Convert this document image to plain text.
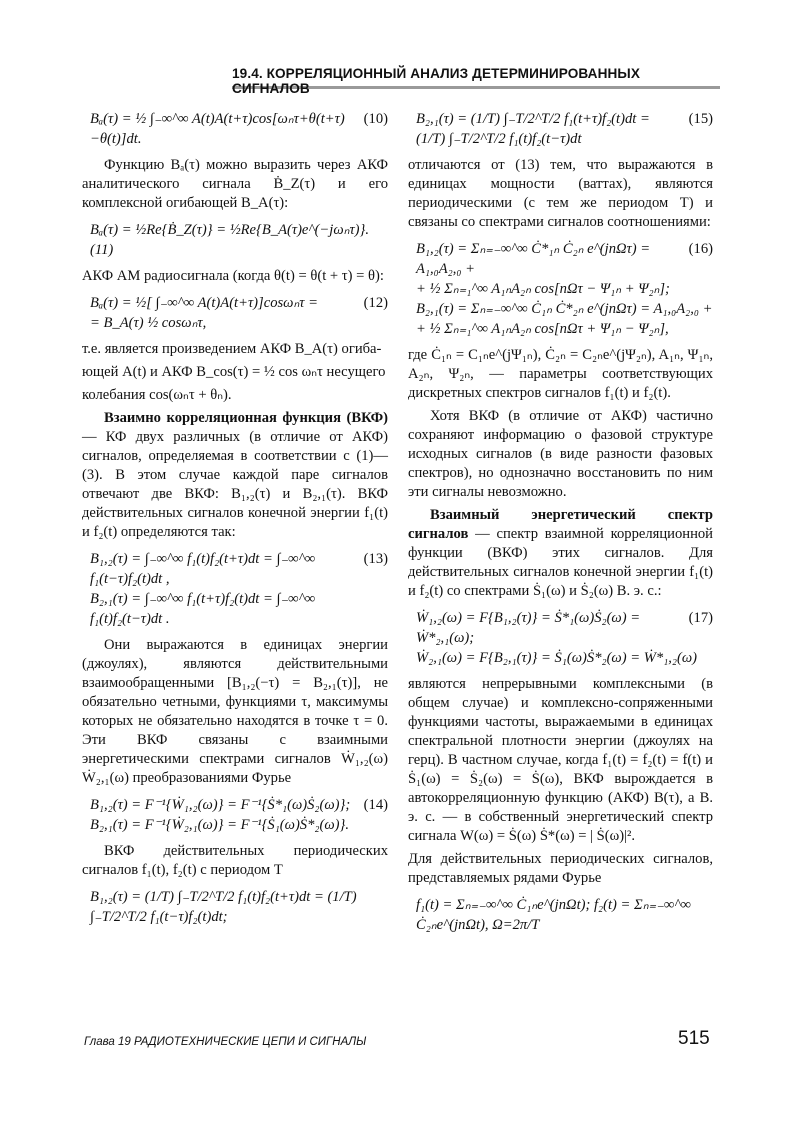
19.4. КОРРЕЛЯЦИОННЫЙ АНАЛИЗ ДЕТЕРМИНИРОВАННЫХ СИГНАЛОВ
(10)
Bₐ(τ) = ½ ∫₋∞^∞ A(t)A(t+τ)cos[ωₙτ+θ(t+τ)−θ(t)]dt.
Функцию Bₐ(τ) можно выразить через АКФ аналитического сигнала Ḃ_Z(τ) и его комплексной огибающей B_A(τ):
Bₐ(τ) = ½Re{Ḃ_Z(τ)} = ½Re{B_A(τ)e^(−jωₙτ)}. (11)
АКФ АМ радиосигнала (когда θ(t) = θ(t + τ) = θ):
(12)
Bₐ(τ) = ½[ ∫₋∞^∞ A(t)A(t+τ)]cosωₙτ =
= B_A(τ) ½ cosωₙτ,
т.е. является произведением АКФ B_A(τ) огиба-
ющей A(t) и АКФ B_cos(τ) = ½ cos ωₙτ несущего
колебания cos(ωₙτ + θₙ).
Взаимно корреляционная функция (ВКФ) — КФ двух различных (в отличие от АКФ) сигналов, определяемая в соответствии с (1)—(3). В этом случае каждой паре сигналов отвечают две ВКФ: B₁,₂(τ) и B₂,₁(τ). ВКФ действительных сигналов конечной энергии f₁(t) и f₂(t) определяются так:
(13)
B₁,₂(τ) = ∫₋∞^∞ f₁(t)f₂(t+τ)dt = ∫₋∞^∞ f₁(t−τ)f₂(t)dt ,
B₂,₁(τ) = ∫₋∞^∞ f₁(t+τ)f₂(t)dt = ∫₋∞^∞ f₁(t)f₂(t−τ)dt .
Они выражаются в единицах энергии (джоулях), являются действительными взаимообращенными [B₁,₂(−τ) = B₂,₁(τ)], не обязательно четными, функциями τ, максимумы которых не обязательно находятся в точке τ = 0. Эти ВКФ связаны с взаимными энергетическими спектрами сигналов Ẇ₁,₂(ω) Ẇ₂,₁(ω) преобразованиями Фурье
(14)
B₁,₂(τ) = F⁻¹{Ẇ₁,₂(ω)} = F⁻¹{Ṡ*₁(ω)Ṡ₂(ω)};
B₂,₁(τ) = F⁻¹{Ẇ₂,₁(ω)} = F⁻¹{Ṡ₁(ω)Ṡ*₂(ω)}.
ВКФ действительных периодических сигналов f₁(t), f₂(t) с периодом T
B₁,₂(τ) = (1/T) ∫₋T/2^T/2 f₁(t)f₂(t+τ)dt = (1/T) ∫₋T/2^T/2 f₁(t−τ)f₂(t)dt;
(15)
B₂,₁(τ) = (1/T) ∫₋T/2^T/2 f₁(t+τ)f₂(t)dt = (1/T) ∫₋T/2^T/2 f₁(t)f₂(t−τ)dt
отличаются от (13) тем, что выражаются в единицах мощности (ваттах), являются периодическими (с тем же периодом T) и связаны со спектрами сигналов соотношениями:
(16)
B₁,₂(τ) = Σₙ₌₋∞^∞ Ċ*₁ₙ Ċ₂ₙ e^(jnΩτ) = A₁,₀A₂,₀ +
+ ½ Σₙ₌₁^∞ A₁ₙA₂ₙ cos[nΩτ − Ψ₁ₙ + Ψ₂ₙ];
B₂,₁(τ) = Σₙ₌₋∞^∞ Ċ₁ₙ Ċ*₂ₙ e^(jnΩτ) = A₁,₀A₂,₀ +
+ ½ Σₙ₌₁^∞ A₁ₙA₂ₙ cos[nΩτ + Ψ₁ₙ − Ψ₂ₙ],
где Ċ₁ₙ = C₁ₙe^(jΨ₁ₙ), Ċ₂ₙ = C₂ₙe^(jΨ₂ₙ), A₁ₙ, Ψ₁ₙ, A₂ₙ, Ψ₂ₙ, — параметры соответствующих дискретных спектров сигналов f₁(t) и f₂(t).
Хотя ВКФ (в отличие от АКФ) частично сохраняют информацию о фазовой структуре исходных сигналов (в виде разности фазовых спектров), но однозначно восстановить по ним эти сигналы невозможно.
Взаимный энергетический спектр сигналов — спектр взаимной корреляционной функции (ВКФ) этих сигналов. Для действительных сигналов конечной энергии f₁(t) и f₂(t) со спектрами Ṡ₁(ω) и Ṡ₂(ω) В. э. с.:
(17)
Ẇ₁,₂(ω) = F{B₁,₂(τ)} = Ṡ*₁(ω)Ṡ₂(ω) = Ẇ*₂,₁(ω);
Ẇ₂,₁(ω) = F{B₂,₁(τ)} = Ṡ₁(ω)Ṡ*₂(ω) = Ẇ*₁,₂(ω)
являются непрерывными комплексными (в общем случае) и комплексно-сопряженными функциями частоты, выражаемыми в единицах спектральной плотности энергии (джоулях на герц). В частном случае, когда f₁(t) = f₂(t) = f(t) и Ṡ₁(ω) = Ṡ₂(ω) = Ṡ(ω), ВКФ вырождается в автокорреляционную функцию (АКФ) B(τ), а В. э. с. — в собственный энергетический спектр сигнала W(ω) = Ṡ(ω) Ṡ*(ω) = | Ṡ(ω)|².
Для действительных периодических сигналов, представляемых рядами Фурье
f₁(t) = Σₙ₌₋∞^∞ Ċ₁ₙe^(jnΩt); f₂(t) = Σₙ₌₋∞^∞ Ċ₂ₙe^(jnΩt), Ω=2π/T
Глава 19 РАДИОТЕХНИЧЕСКИЕ ЦЕПИ И СИГНАЛЫ	515
